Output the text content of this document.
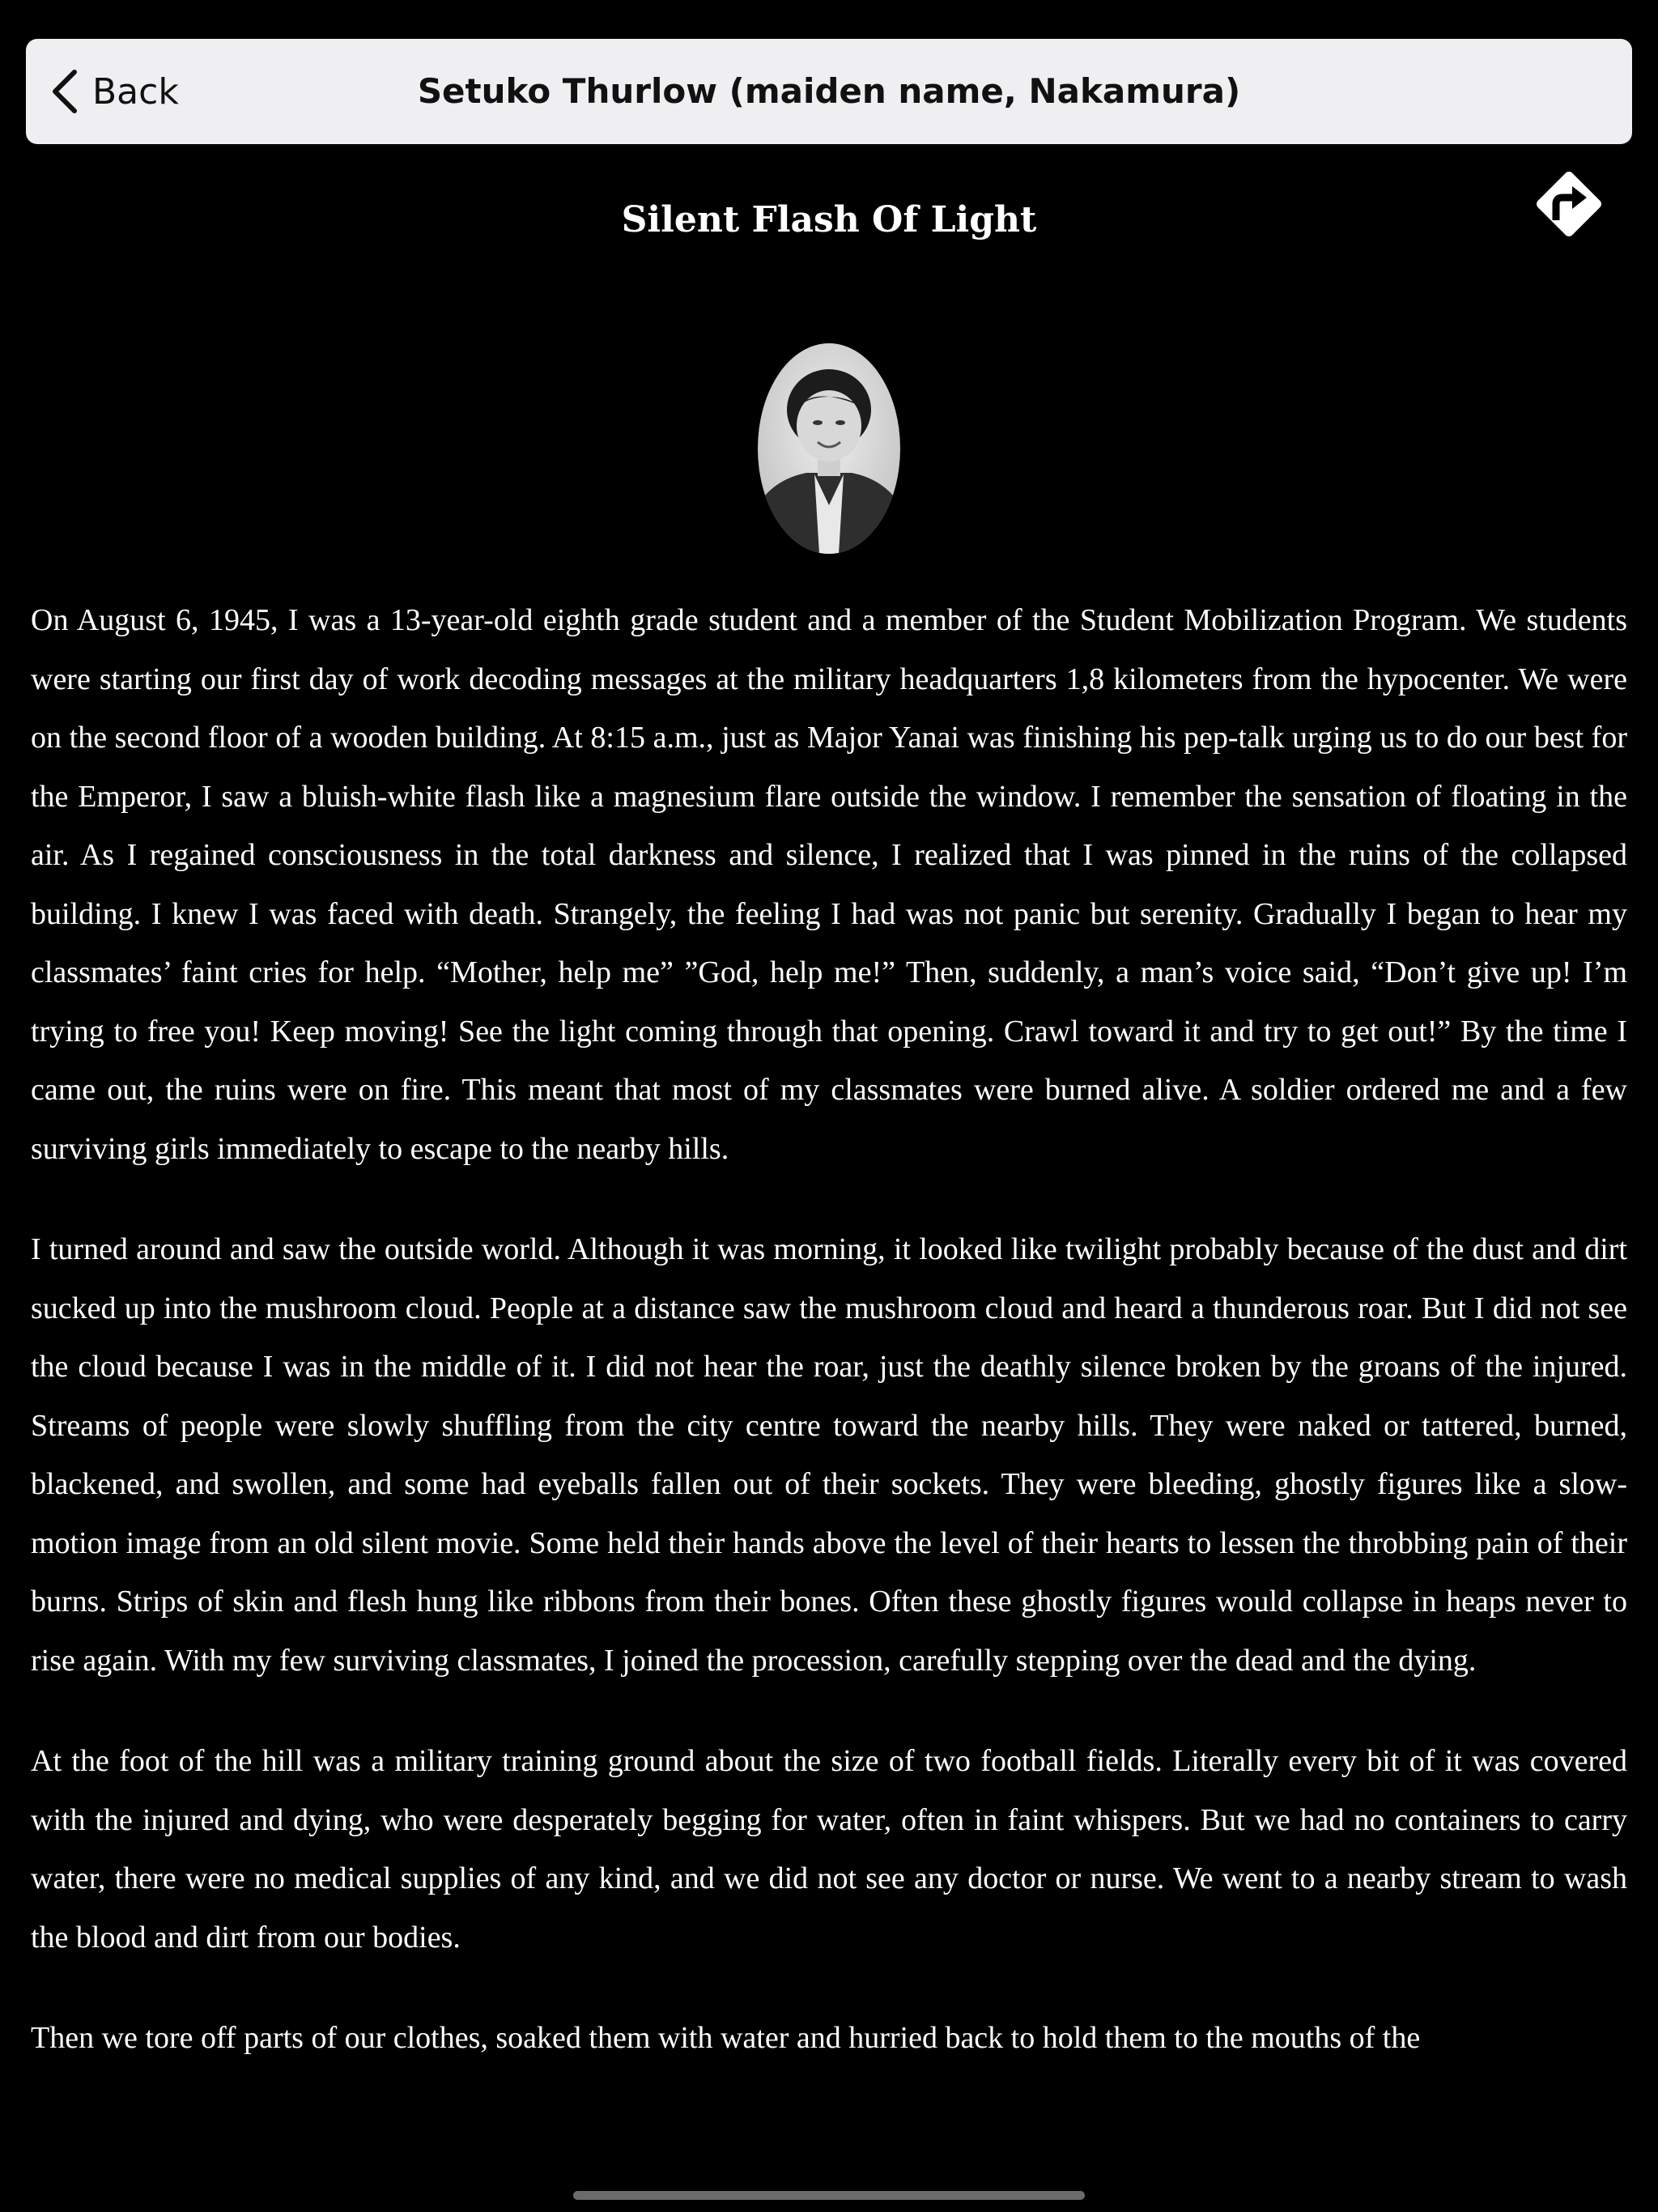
Back	Setuko Thurlow (maiden name, Nakamura)
Silent Flash Of Light

On August 6, 1945, I was a 13-year-old eighth grade student and a member of the Student Mobilization Program. We students were starting our first day of work decoding messages at the military headquarters 1,8 kilometers from the hypocenter. We were on the second floor of a wooden building. At 8:15 a.m., just as Major Yanai was finishing his pep-talk urging us to do our best for the Emperor, I saw a bluish-white flash like a magnesium flare outside the window. I remember the sensation of floating in the air. As I regained consciousness in the total darkness and silence, I realized that I was pinned in the ruins of the collapsed building. I knew I was faced with death. Strangely, the feeling I had was not panic but serenity. Gradually I began to hear my classmates’ faint cries for help. “Mother, help me” ”God, help me!” Then, suddenly, a man’s voice said, “Don’t give up! I’m trying to free you! Keep moving! See the light coming through that opening. Crawl toward it and try to get out!” By the time I came out, the ruins were on fire. This meant that most of my classmates were burned alive. A soldier ordered me and a few surviving girls immediately to escape to the nearby hills.

I turned around and saw the outside world. Although it was morning, it looked like twilight probably because of the dust and dirt sucked up into the mushroom cloud. People at a distance saw the mushroom cloud and heard a thunderous roar. But I did not see the cloud because I was in the middle of it. I did not hear the roar, just the deathly silence broken by the groans of the injured. Streams of people were slowly shuffling from the city centre toward the nearby hills. They were naked or tattered, burned, blackened, and swollen, and some had eyeballs fallen out of their sockets. They were bleeding, ghostly figures like a slow-motion image from an old silent movie. Some held their hands above the level of their hearts to lessen the throbbing pain of their burns. Strips of skin and flesh hung like ribbons from their bones. Often these ghostly figures would collapse in heaps never to rise again. With my few surviving classmates, I joined the procession, carefully stepping over the dead and the dying.

At the foot of the hill was a military training ground about the size of two football fields. Literally every bit of it was covered with the injured and dying, who were desperately begging for water, often in faint whispers. But we had no containers to carry water, there were no medical supplies of any kind, and we did not see any doctor or nurse. We went to a nearby stream to wash the blood and dirt from our bodies.

Then we tore off parts of our clothes, soaked them with water and hurried back to hold them to the mouths of the
